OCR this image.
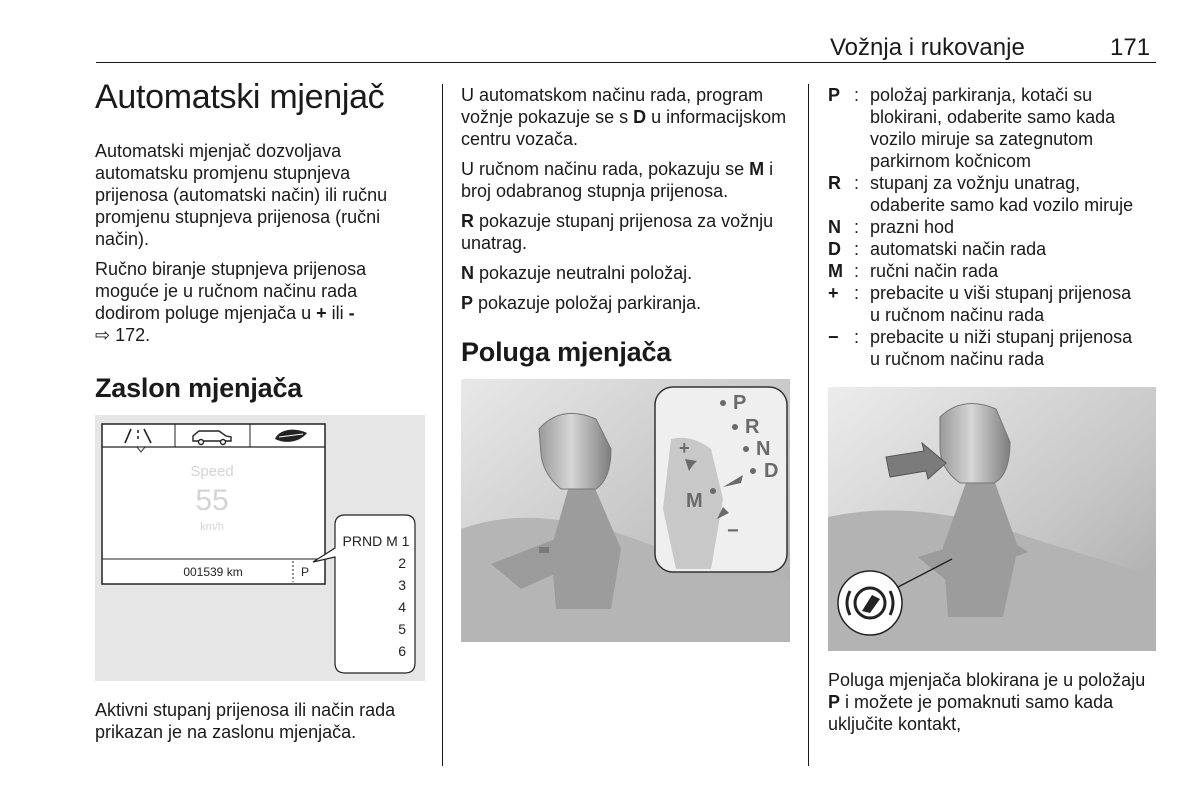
Vožnja i rukovanje	171
Automatski mjenjač

Automatski mjenjač dozvoljava automatsku promjenu stupnjeva prijenosa (automatski način) ili ručnu promjenu stupnjeva prijenosa (ručni način).

Ručno biranje stupnjeva prijenosa moguće je u ručnom načinu rada dodirom poluge mjenjača u + ili -
⇨ 172.

Zaslon mjenjača
Speed
55
km/h
001539 km	P
PRND M 1
2
3
4
5
6
Aktivni stupanj prijenosa ili način rada prikazan je na zaslonu mjenjača.

U automatskom načinu rada, program vožnje pokazuje se s D u informacijskom centru vozača.

U ručnom načinu rada, pokazuju se M i broj odabranog stupnja prijenosa.

R pokazuje stupanj prijenosa za vožnju unatrag.

N pokazuje neutralni položaj.

P pokazuje položaj parkiranja.

Poluga mjenjača
P
R
N
D
M
+
−
P : položaj parkiranja, kotači su
blokirani, odaberite samo kada
vozilo miruje sa zategnutom
parkirnom kočnicom
R : stupanj za vožnju unatrag,
odaberite samo kad vozilo miruje
N : prazni hod
D : automatski način rada
M : ručni način rada
+ : prebacite u viši stupanj prijenosa
u ručnom načinu rada
− : prebacite u niži stupanj prijenosa
u ručnom načinu rada
Poluga mjenjača blokirana je u položaju P i možete je pomaknuti samo kada uključite kontakt,
